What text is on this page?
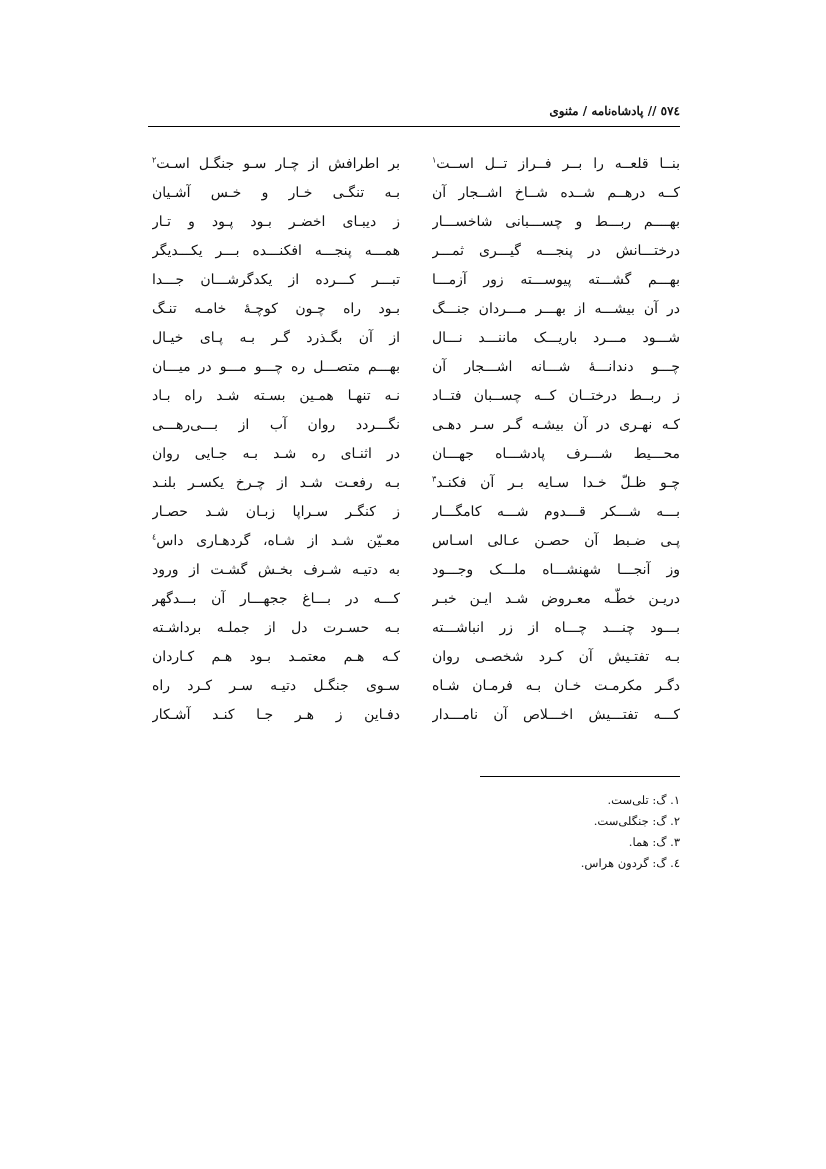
٥٧٤ // پادشاه‌نامه / مثنوی
بنــا قلعــه را بــر فــراز تــل اســت$^۱$
کــه درهــم شــده شــاخ اشــجار آن
بهــــم ربـــط و چســـبانی شاخســـار
درختـــانش در پنجـــه گیـــری ثمـــر
بهـــم گشـــته پیوســـته زور آزمـــا
در آن بیشـــه از بهـــر مـــردان جنـــگ
شـــود مـــرد باریـــک ماننـــد نـــال
چـــو دندانـــۀ شـــانه اشـــجار آن
ز ربــط درختــان کــه چســبان فتــاد
کـه نهـری در آن بیشـه گـر سـر دهـی
محـــیط شـــرف پادشـــاه جهـــان
چـو ظـلّ خـدا سـایه بـر آن فکنـد$^۳$
بـــه شـــکر قـــدوم شـــه کامگـــار
پـی ضـبط آن حصـن عـالی اسـاس
وز آنجـــا شهنشـــاه ملـــک وجـــود
دریـن خطّـه معـروض شـد ایـن خبـر
بـــود چنـــد چـــاه از زر انباشـــته
بـه تفتـیش آن کـرد شخصـی روان
دگـر مکرمـت خـان بـه فرمـان شـاه
کـــه تفتـــیش اخـــلاص آن نامـــدار
بر اطرافش از چـار سـو جنگـل اسـت$^۲$
بـه تنگـی خـار و خـس آشـیان
ز دیبـای اخضـر بـود پـود و تـار
همـــه پنجـــه افکنـــده بـــر یکـــدیگر
تبـــر کـــرده از یکدگرشـــان جـــدا
بـود راه چـون کوچـۀ خامـه تنـگ
از آن بگـذرد گـر بـه پـای خیـال
بهـــم متصـــل ره چـــو مـــو در میـــان
نـه تنهـا همـین بسـته شـد راه بـاد
نگـــردد روان آب از بـــی‌رهـــی
در اثنـای ره شـد بـه جـایی روان
بـه رفعـت شـد از چـرخ یکسـر بلنـد
ز کنگـر سـراپا زبـان شـد حصـار
معـیّن شـد از شـاه، گردهـاری داس$^٤$
به دتیـه شـرف بخـش گشـت از ورود
کـــه در بـــاغ ججهـــار آن بـــدگهر
بـه حسـرت دل از جملـه برداشـته
کـه هـم معتمـد بـود هـم کـاردان
سـوی جنگـل دتیـه سـر کـرد راه
دفـاین ز هـر جـا کنـد آشـکار
١. گ: تلی‌ست.
٢. گ: جنگلی‌ست.
٣. گ: هما.
٤. گ: گردون هراس.
